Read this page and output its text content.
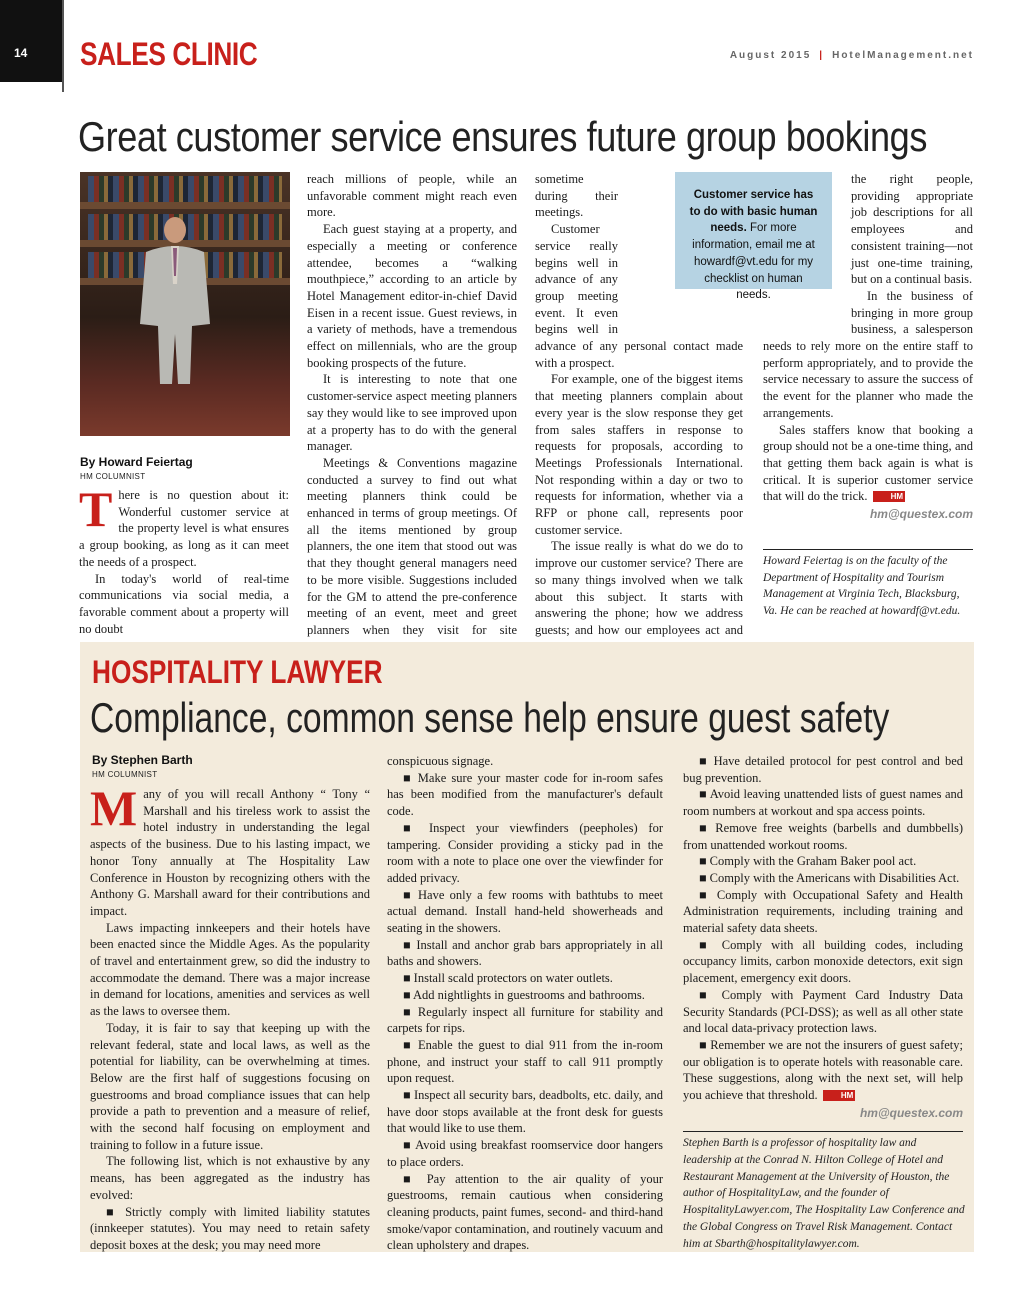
14 SALES CLINIC	August 2015 | HotelManagement.net
Great customer service ensures future group bookings
By Howard Feiertag
HM COLUMNIST
T here is no question about it: Wonderful customer service at the property level is what ensures a group booking, as long as it can meet the needs of a prospect.

In today's world of real-time communications via social media, a favorable comment about a property will no doubt

reach millions of people, while an unfavorable comment might reach even more.

Each guest staying at a property, and especially a meeting or conference attendee, becomes a “walking mouthpiece,” according to an article by Hotel Management editor-in-chief David Eisen in a recent issue. Guest reviews, in a variety of methods, have a tremendous effect on millennials, who are the group booking prospects of the future.

It is interesting to note that one customer-service aspect meeting planners say they would like to see improved upon at a property has to do with the general manager.

Meetings & Conventions magazine conducted a survey to find out what meeting planners think could be enhanced in terms of group meetings. Of all the items mentioned by group planners, the one item that stood out was that they thought general managers need to be more visible. Suggestions included for the GM to attend the pre-conference meeting of an event, meet and greet planners when they visit for site

sometime during their meetings.

Customer service really begins well in advance of any group meeting event. It even begins well in advance of any personal contact made with a prospect.

For example, one of the biggest items that meeting planners complain about every year is the slow response they get from sales staffers in response to requests for proposals, according to Meetings Professionals International. Not responding within a day or two to requests for information, whether via a RFP or phone call, represents poor customer service.

The issue really is what do we do to improve our customer service? There are so many things involved when we talk about this subject. It starts with answering the phone; how we address guests; and how our employees act and

Customer service has to do with basic human needs. For more information, email me at howardf@vt.edu for my checklist on human needs.

the right people, providing appropriate job descriptions for all employees and consistent training—not just one-time training, but on a continual basis.

In the business of bringing in more group business, a salesperson needs to rely more on the entire staff to perform appropriately, and to provide the service necessary to assure the success of the event for the planner who made the arrangements.

Sales staffers know that booking a group should not be a one-time thing, and that getting them back again is what is critical. It is superior customer service that will do the trick.	HM

hm@questex.com
Howard Feiertag is on the faculty of the Department of Hospitality and Tourism Management at Virginia Tech, Blacksburg, Va. He can be reached at howardf@vt.edu.
HOSPITALITY LAWYER
Compliance, common sense help ensure guest safety
By Stephen Barth
HM COLUMNIST
M any of you will recall Anthony “ Tony “ Marshall and his tireless work to assist the hotel industry in understanding the legal aspects of the business. Due to his lasting impact, we honor Tony annually at The Hospitality Law Conference in Houston by recognizing others with the Anthony G. Marshall award for their contributions and impact.

Laws impacting innkeepers and their hotels have been enacted since the Middle Ages. As the popularity of travel and entertainment grew, so did the industry to accommodate the demand. There was a major increase in demand for locations, amenities and services as well as the laws to oversee them.

Today, it is fair to say that keeping up with the relevant federal, state and local laws, as well as the potential for liability, can be overwhelming at times. Below are the first half of suggestions focusing on guestrooms and broad compliance issues that can help provide a path to prevention and a measure of relief, with the second half focusing on employment and training to follow in a future issue.

The following list, which is not exhaustive by any means, has been aggregated as the industry has evolved:

■ Strictly comply with limited liability statutes (innkeeper statutes). You may need to retain safety deposit boxes at the desk; you may need more

conspicuous signage.

■ Make sure your master code for in-room safes has been modified from the manufacturer's default code.

■ Inspect your viewfinders (peepholes) for tampering. Consider providing a sticky pad in the room with a note to place one over the viewfinder for added privacy.

■ Have only a few rooms with bathtubs to meet actual demand. Install hand-held showerheads and seating in the showers.

■ Install and anchor grab bars appropriately in all baths and showers.

■ Install scald protectors on water outlets.

■ Add nightlights in guestrooms and bathrooms.

■ Regularly inspect all furniture for stability and carpets for rips.

■ Enable the guest to dial 911 from the in-room phone, and instruct your staff to call 911 promptly upon request.

■ Inspect all security bars, deadbolts, etc. daily, and have door stops available at the front desk for guests that would like to use them.

■ Avoid using breakfast roomservice door hangers to place orders.

■ Pay attention to the air quality of your guestrooms, remain cautious when considering cleaning products, paint fumes, second- and third-hand smoke/vapor contamination, and routinely vacuum and clean upholstery and drapes.

■ Have detailed protocol for pest control and bed bug prevention.

■ Avoid leaving unattended lists of guest names and room numbers at workout and spa access points.

■ Remove free weights (barbells and dumbbells) from unattended workout rooms.

■ Comply with the Graham Baker pool act.

■ Comply with the Americans with Disabilities Act.

■ Comply with Occupational Safety and Health Administration requirements, including training and material safety data sheets.

■ Comply with all building codes, including occupancy limits, carbon monoxide detectors, exit sign placement, emergency exit doors.

■ Comply with Payment Card Industry Data Security Standards (PCI-DSS); as well as all other state and local data-privacy protection laws.

■ Remember we are not the insurers of guest safety; our obligation is to operate hotels with reasonable care. These suggestions, along with the next set, will help you achieve that threshold.	HM

hm@questex.com
Stephen Barth is a professor of hospitality law and leadership at the Conrad N. Hilton College of Hotel and Restaurant Management at the University of Houston, the author of HospitalityLaw, and the founder of HospitalityLawyer.com, The Hospitality Law Conference and the Global Congress on Travel Risk Management. Contact him at Sbarth@hospitalitylawyer.com.
